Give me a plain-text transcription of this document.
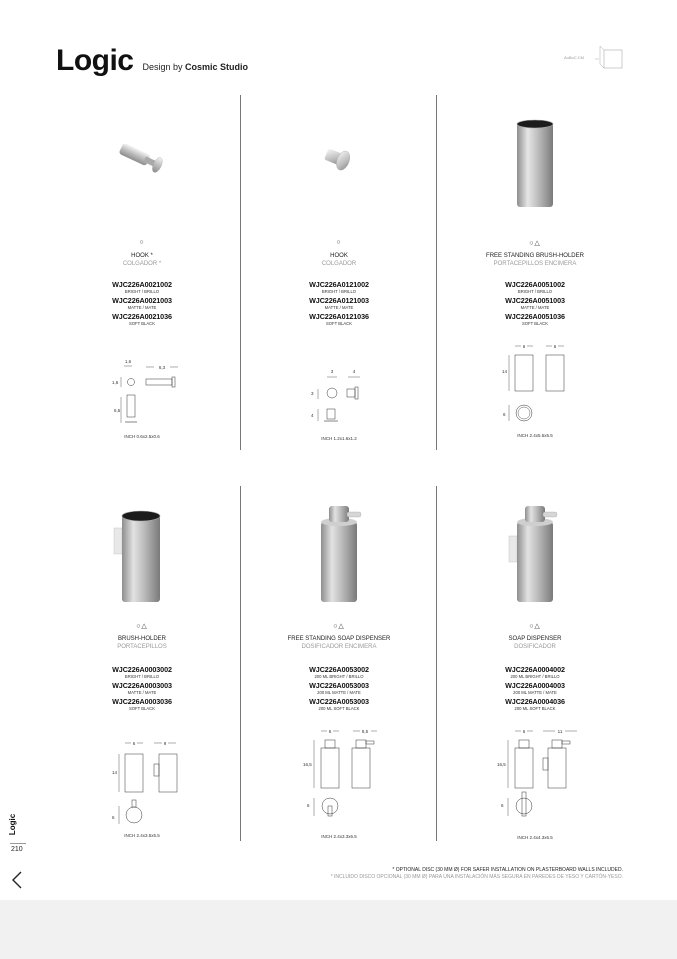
Logic Design by Cosmic Studio
AuBoC.CM
○
HOOK *
COLGADOR *
WJC226A0021002
BRIGHT / BRILLO
WJC226A0021003
MATTE / MATE
WJC226A0021036
SOFT BLACK
1,6
6,3
1,6
6,5
INCH 0.6x2.5x0.6
○
HOOK
COLGADOR
WJC226A0121002
BRIGHT / BRILLO
WJC226A0121003
MATTE / MATE
WJC226A0121036
SOFT BLACK
3	4
3
4
INCH 1.2x1.6x1.2
○△
FREE STANDING BRUSH-HOLDER
PORTACEPILLOS ENCIMERA
WJC226A0051002
BRIGHT / BRILLO
WJC226A0051003
MATTE / MATE
WJC226A0051036
SOFT BLACK
6	6
14
6
INCH 2.4x5.5x5.5
○△
BRUSH-HOLDER
PORTACEPILLOS
WJC226A0003002
BRIGHT / BRILLO
WJC226A0003003
MATTE / MATE
WJC226A0003036
SOFT BLACK
6	9
14
6
INCH 2.4x3.5x5.5
○△
FREE STANDING SOAP DISPENSER
DOSIFICADOR ENCIMERA
WJC226A0053002
200 ML BRIGHT / BRILLO
WJC226A0053003
200 ML MATTE / MATE
WJC226A0053003
200 ML SOFT BLACK
6	8,5
16,5
6
INCH 2.4x3.3x6.5
○△
SOAP DISPENSER
DOSIFICADOR
WJC226A0004002
200 ML BRIGHT / BRILLO
WJC226A0004003
200 ML MATTE / MATE
WJC226A0004036
200 ML SOFT BLACK
6	11
16,5
6
INCH 2.4x4.3x6.5
Logic
210
* OPTIONAL DISC (30 MM Ø) FOR SAFER INSTALLATION ON PLASTERBOARD WALLS INCLUDED.
* INCLUIDO DISCO OPCIONAL (30 MM Ø) PARA UNA INSTALACIÓN MÁS SEGURA EN PAREDES DE YESO Y CARTÓN-YESO.
